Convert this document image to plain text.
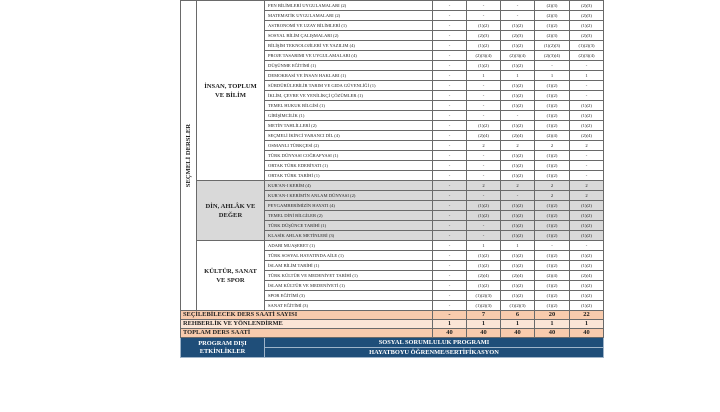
SEÇMELİ DERSLER	İNSAN, TOPLUM VE BİLİM	FEN BİLİMLERİ UYGULAMALARI (2)	-	-	-	(2)(3)	(2)(3)
		MATEMATİK UYGULAMALARI (2)	-	-	-	(2)(3)	(2)(3)
		ASTRONOMİ VE UZAY BİLİMLERİ (1)	-	(1)(2)	(1)(2)	(1)(2)	(1)(2)
		SOSYAL BİLİM ÇALIŞMALARI (2)	-	(2)(3)	(2)(3)	(2)(3)	(2)(3)
		BİLİŞİM TEKNOLOJİLERİ VE YAZILIM (4)	-	(1)(2)	(1)(2)	(1)(2)(3)	(1)(2)(3)
		PROJE TASARIMI VE UYGULAMALARI (4)	-	(2)(3)(4)	(2)(3)(4)	(2)(3)(4)	(2)(3)(4)
		DÜŞÜNME EĞİTİMİ (1)	-	(1)(2)	(1)(2)	-	-
		DEMOKRASİ VE İNSAN HAKLARI (1)	-	1	1	1	1
		SÜRDÜRÜLEBİLİR TARIM VE GIDA GÜVENLİĞİ (1)	-	-	(1)(2)	(1)(2)	-
		İKLİM, ÇEVRE VE YENİLİKÇİ ÇÖZÜMLER (1)	-	-	(1)(2)	(1)(2)	-
		TEMEL HUKUK BİLGİSİ (1)	-	-	(1)(2)	(1)(2)	(1)(2)
		GİRİŞİMCİLİK (1)	-	-	-	(1)(2)	(1)(2)
		METİN TAHLİLLERİ (2)	-	(1)(2)	(1)(2)	(1)(2)	(1)(2)
		SEÇMELİ İKİNCİ YABANCI DİL (4)	-	(2)(4)	(2)(4)	(2)(4)	(2)(4)
		OSMANLI TÜRKÇESİ (2)	-	2	2	2	2
		TÜRK DÜNYASI COĞRAFYASI (1)	-	-	(1)(2)	(1)(2)	-
		ORTAK TÜRK EDEBİYATI (1)	-	-	(1)(2)	(1)(2)	-
		ORTAK TÜRK TARİHİ (1)	-	-	(1)(2)	(1)(2)	-
	DİN, AHLÂK VE DEĞER	KUR'AN-I KERİM (4)	-	2	2	2	2
		KUR'AN-I KERİM'İN ANLAM DÜNYASI (2)	-	-	-	2	2
		PEYGAMBERİMİZİN HAYATI (4)	-	(1)(2)	(1)(2)	(1)(2)	(1)(2)
		TEMEL DİNİ BİLGİLER (2)	-	(1)(2)	(1)(2)	(1)(2)	(1)(2)
		TÜRK DÜŞÜNCE TARİHİ (1)	-	-	(1)(2)	(1)(2)	(1)(2)
		KLASİK AHLAK METİNLERİ (3)	-	-	(1)(2)	(1)(2)	(1)(2)
	KÜLTÜR, SANAT VE SPOR	ADABI MUAŞERET (1)	-	1	1	-	-
		TÜRK SOSYAL HAYATINDA AİLE (1)	-	(1)(2)	(1)(2)	(1)(2)	(1)(2)
		İSLAM BİLİM TARİHİ (1)	-	(1)(2)	(1)(2)	(1)(2)	(1)(2)
		TÜRK KÜLTÜR VE MEDENİYET TARİHİ (1)	-	(2)(4)	(2)(4)	(2)(4)	(2)(4)
		İSLAM KÜLTÜR VE MEDENİYETİ (1)	-	(1)(2)	(1)(2)	(1)(2)	(1)(2)
		SPOR EĞİTİMİ (3)	-	(1)(2)(3)	(1)(2)	(1)(2)	(1)(2)
		SANAT EĞİTİMİ (3)	-	(1)(2)(3)	(1)(2)(3)	(1)(2)	(1)(2)
SEÇİLEBİLECEK DERS SAATİ SAYISI			-	7	6	20	22
REHBERLİK VE YÖNLENDİRME			1	1	1	1	1
TOPLAM DERS SAATİ			40	40	40	40	40
PROGRAM DIŞI ETKİNLİKLER		SOSYAL SORUMLULUK PROGRAMI					
		HAYATBOYU ÖĞRENME/SERTİFİKASYON					
